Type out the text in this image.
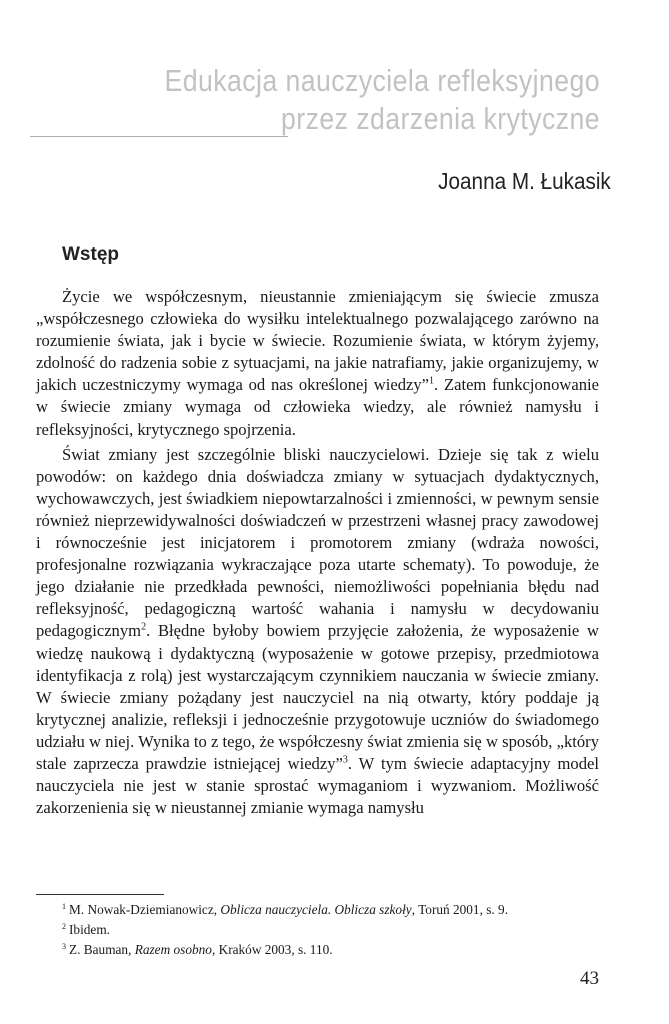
Edukacja nauczyciela refleksyjnego
przez zdarzenia krytyczne
Joanna M. Łukasik
Wstęp

Życie we współczesnym, nieustannie zmieniającym się świecie zmusza „współczesnego człowieka do wysiłku intelektualnego pozwalającego zarówno na rozumienie świata, jak i bycie w świecie. Rozumienie świata, w którym żyjemy, zdolność do radzenia sobie z sytuacjami, na jakie natrafiamy, jakie organizujemy, w jakich uczestniczymy wymaga od nas określonej wiedzy”$^1$. Zatem funkcjonowanie w świecie zmiany wymaga od człowieka wiedzy, ale również namysłu i refleksyjności, krytycznego spojrzenia.

Świat zmiany jest szczególnie bliski nauczycielowi. Dzieje się tak z wielu powodów: on każdego dnia doświadcza zmiany w sytuacjach dydaktycznych, wychowawczych, jest świadkiem niepowtarzalności i zmienności, w pewnym sensie również nieprzewidywalności doświadczeń w przestrzeni własnej pracy zawodowej i równocześnie jest inicjatorem i promotorem zmiany (wdraża nowości, profesjonalne rozwiązania wykraczające poza utarte schematy). To powoduje, że jego działanie nie przedkłada pewności, niemożliwości popełniania błędu nad refleksyjność, pedagogiczną wartość wahania i namysłu w decydowaniu pedagogicznym$^2$. Błędne byłoby bowiem przyjęcie założenia, że wyposażenie w wiedzę naukową i dydaktyczną (wyposażenie w gotowe przepisy, przedmiotowa identyfikacja z rolą) jest wystarczającym czynnikiem nauczania w świecie zmiany. W świecie zmiany pożądany jest nauczyciel na nią otwarty, który poddaje ją krytycznej analizie, refleksji i jednocześnie przygotowuje uczniów do świadomego udziału w niej. Wynika to z tego, że współczesny świat zmienia się w sposób, „który stale zaprzecza prawdzie istniejącej wiedzy”$^3$. W tym świecie adaptacyjny model nauczyciela nie jest w stanie sprostać wymaganiom i wyzwaniom. Możliwość zakorzenienia się w nieustannej zmianie wymaga namysłu

$^1$ M. Nowak-Dziemianowicz, Oblicza nauczyciela. Oblicza szkoły, Toruń 2001, s. 9.
$^2$ Ibidem.
$^3$ Z. Bauman, Razem osobno, Kraków 2003, s. 110.
43
